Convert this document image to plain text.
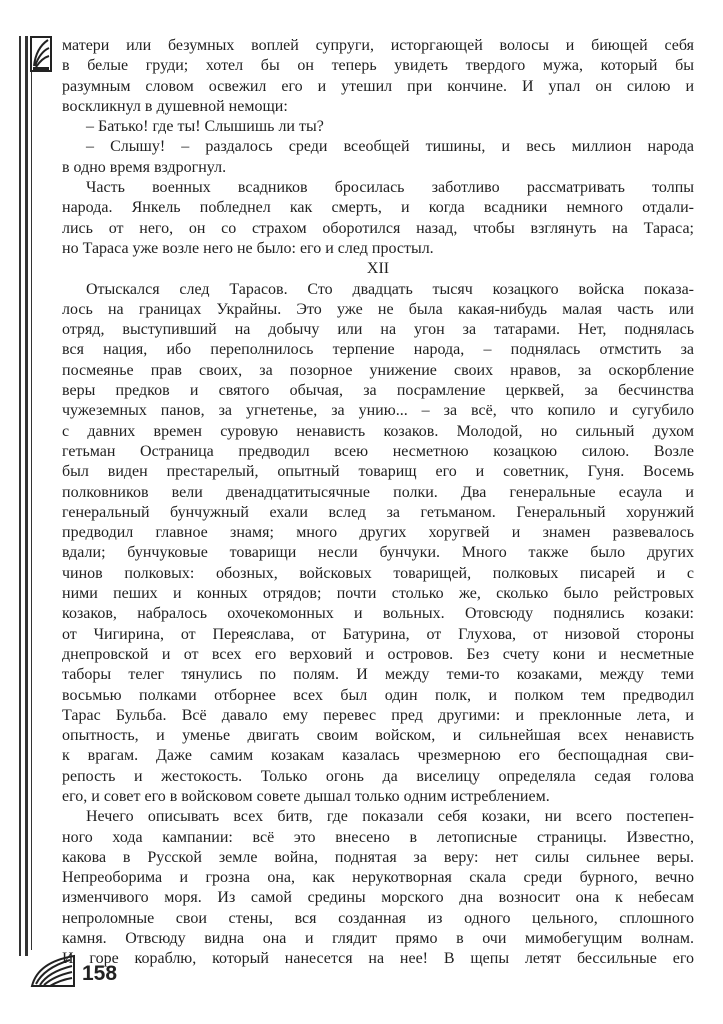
158
матери или безумных воплей супруги, исторгающей волосы и биющей себя
в белые груди; хотел бы он теперь увидеть твердого мужа, который бы
разумным словом освежил его и утешил при кончине. И упал он силою и
воскликнул в душевной немощи:
– Батько! где ты! Слышишь ли ты?
– Слышу! – раздалось среди всеобщей тишины, и весь миллион народа
в одно время вздрогнул.
Часть военных всадников бросилась заботливо рассматривать толпы
народа. Янкель побледнел как смерть, и когда всадники немного отдали-
лись от него, он со страхом оборотился назад, чтобы взглянуть на Тараса;
но Тараса уже возле него не было: его и след простыл.
XII
Отыскался след Тарасов. Сто двадцать тысяч козацкого войска показа-
лось на границах Украйны. Это уже не была какая-нибудь малая часть или
отряд, выступивший на добычу или на угон за татарами. Нет, поднялась
вся нация, ибо переполнилось терпение народа, – поднялась отмстить за
посмеянье прав своих, за позорное унижение своих нравов, за оскорбление
веры предков и святого обычая, за посрамление церквей, за бесчинства
чужеземных панов, за угнетенье, за унию... – за всё, что копило и сугубило
с давних времен суровую ненависть козаков. Молодой, но сильный духом
гетьман Остраница предводил всею несметною козацкою силою. Возле
был виден престарелый, опытный товарищ его и советник, Гуня. Восемь
полковников вели двенадцатитысячные полки. Два генеральные есаула и
генеральный бунчужный ехали вслед за гетьманом. Генеральный хорунжий
предводил главное знамя; много других хоругвей и знамен развевалось
вдали; бунчуковые товарищи несли бунчуки. Много также было других
чинов полковых: обозных, войсковых товарищей, полковых писарей и с
ними пеших и конных отрядов; почти столько же, сколько было рейстровых
козаков, набралось охочекомонных и вольных. Отовсюду поднялись козаки:
от Чигирина, от Переяслава, от Батурина, от Глухова, от низовой стороны
днепровской и от всех его верховий и островов. Без счету кони и несметные
таборы телег тянулись по полям. И между теми-то козаками, между теми
восьмью полками отборнее всех был один полк, и полком тем предводил
Тарас Бульба. Всё давало ему перевес пред другими: и преклонные лета, и
опытность, и уменье двигать своим войском, и сильнейшая всех ненависть
к врагам. Даже самим козакам казалась чрезмерною его беспощадная сви-
репость и жестокость. Только огонь да виселицу определяла седая голова
его, и совет его в войсковом совете дышал только одним истреблением.
Нечего описывать всех битв, где показали себя козаки, ни всего постепен-
ного хода кампании: всё это внесено в летописные страницы. Известно,
какова в Русской земле война, поднятая за веру: нет силы сильнее веры.
Непреоборима и грозна она, как нерукотворная скала среди бурного, вечно
изменчивого моря. Из самой средины морского дна возносит она к небесам
непроломные свои стены, вся созданная из одного цельного, сплошного
камня. Отвсюду видна она и глядит прямо в очи мимобегущим волнам.
И горе кораблю, который нанесется на нее! В щепы летят бессильные его
